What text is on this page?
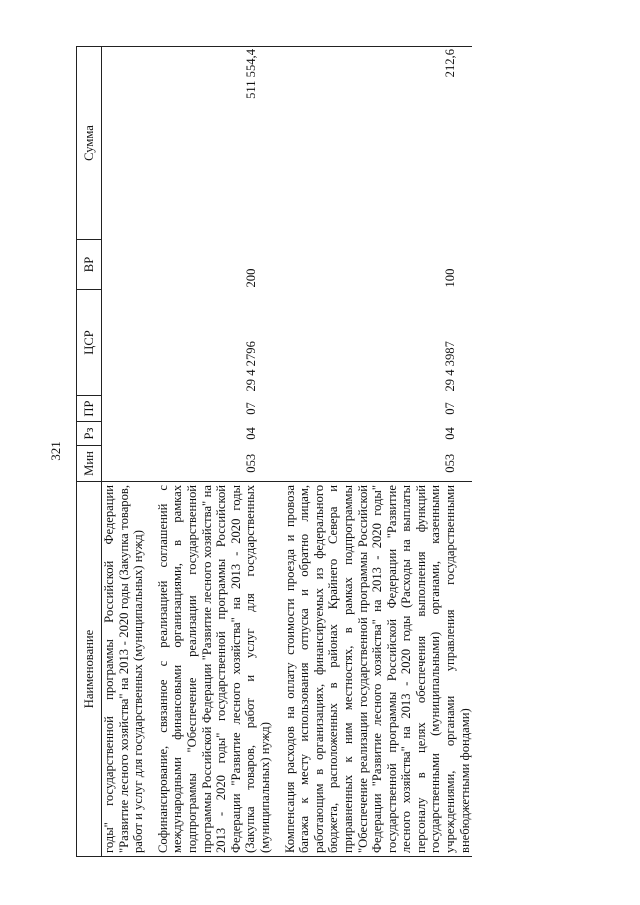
321
Наименование	Мин	Рз	ПР	ЦСР	ВР	Сумма
годы" государственной программы Российской Федерации "Развитие лесного хозяйства" на 2013 - 2020 годы (Закупка товаров, работ и услуг для государственных (муниципальных) нужд)						

Софинансирование, связанное с реализацией соглашений с международными финансовыми организациями, в рамках подпрограммы "Обеспечение реализации государственной программы Российской Федерации "Развитие лесного хозяйства" на 2013 - 2020 годы" государственной программы Российской Федерации "Развитие лесного хозяйства" на 2013 - 2020 годы (Закупка товаров, работ и услуг для государственных (муниципальных) нужд)	053	04	07	29 4 2796	200	511 554,4

Компенсация расходов на оплату стоимости проезда и провоза багажа к месту использования отпуска и обратно лицам, работающим в организациях, финансируемых из федерального бюджета, расположенных в районах Крайнего Севера и приравненных к ним местностях, в рамках подпрограммы "Обеспечение реализации государственной программы Российской Федерации "Развитие лесного хозяйства" на 2013 - 2020 годы" государственной программы Российской Федерации "Развитие лесного хозяйства" на 2013 - 2020 годы (Расходы на выплаты персоналу в целях обеспечения выполнения функций государственными (муниципальными) органами, казенными учреждениями, органами управления государственными внебюджетными фондами)	053	04	07	29 4 3987	100	212,6
